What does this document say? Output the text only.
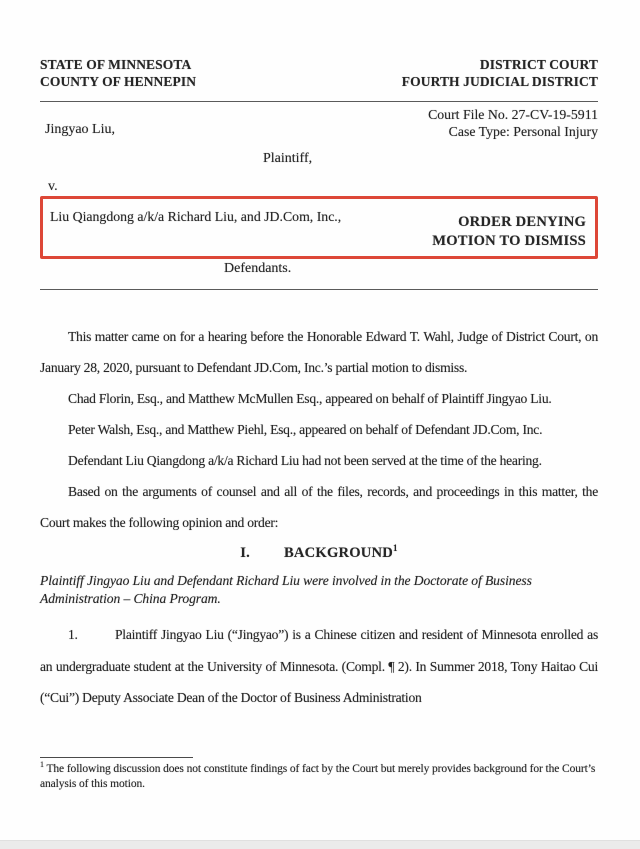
STATE OF MINNESOTA
COUNTY OF HENNEPIN
DISTRICT COURT
FOURTH JUDICIAL DISTRICT
Court File No. 27-CV-19-5911
Case Type: Personal Injury
Jingyao Liu,
Plaintiff,
v.
Liu Qiangdong a/k/a Richard Liu, and JD.Com, Inc.,	ORDER DENYING
MOTION TO DISMISS
Defendants.

This matter came on for a hearing before the Honorable Edward T. Wahl, Judge of District Court, on January 28, 2020, pursuant to Defendant JD.Com, Inc.’s partial motion to dismiss.

Chad Florin, Esq., and Matthew McMullen Esq., appeared on behalf of Plaintiff Jingyao Liu.

Peter Walsh, Esq., and Matthew Piehl, Esq., appeared on behalf of Defendant JD.Com, Inc.

Defendant Liu Qiangdong a/k/a Richard Liu had not been served at the time of the hearing.

Based on the arguments of counsel and all of the files, records, and proceedings in this matter, the Court makes the following opinion and order:

I. BACKGROUND$^1$
Plaintiff Jingyao Liu and Defendant Richard Liu were involved in the Doctorate of Business Administration – China Program.

1.	Plaintiff Jingyao Liu (“Jingyao”) is a Chinese citizen and resident of Minnesota enrolled as an undergraduate student at the University of Minnesota. (Compl. ¶ 2). In Summer 2018, Tony Haitao Cui (“Cui”) Deputy Associate Dean of the Doctor of Business Administration

$^1$ The following discussion does not constitute findings of fact by the Court but merely provides background for the Court’s analysis of this motion.
